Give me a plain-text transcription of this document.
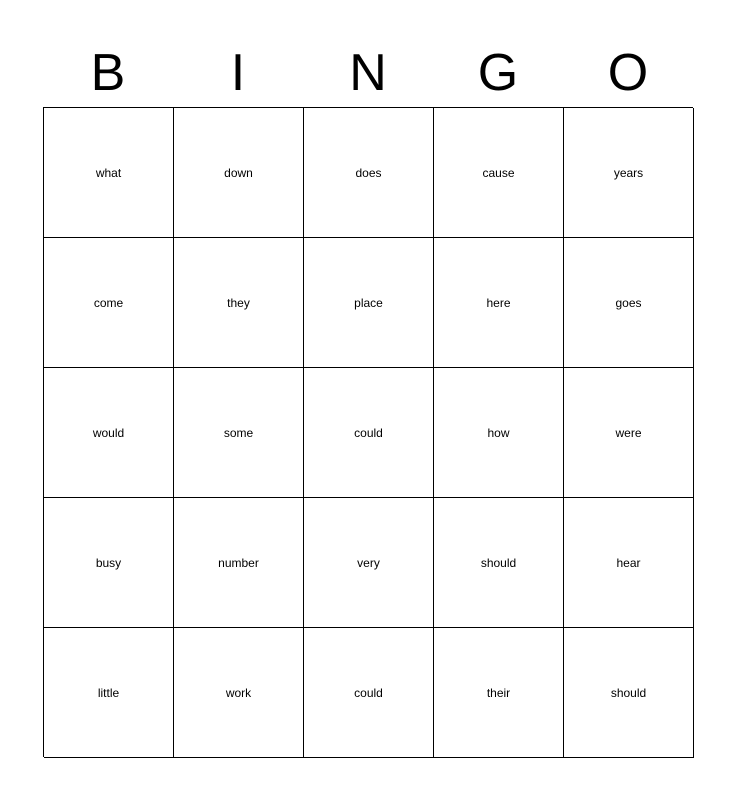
B	I	N	G	O
what	down	does	cause	years
come	they	place	here	goes
would	some	could	how	were
busy	number	very	should	hear
little	work	could	their	should
